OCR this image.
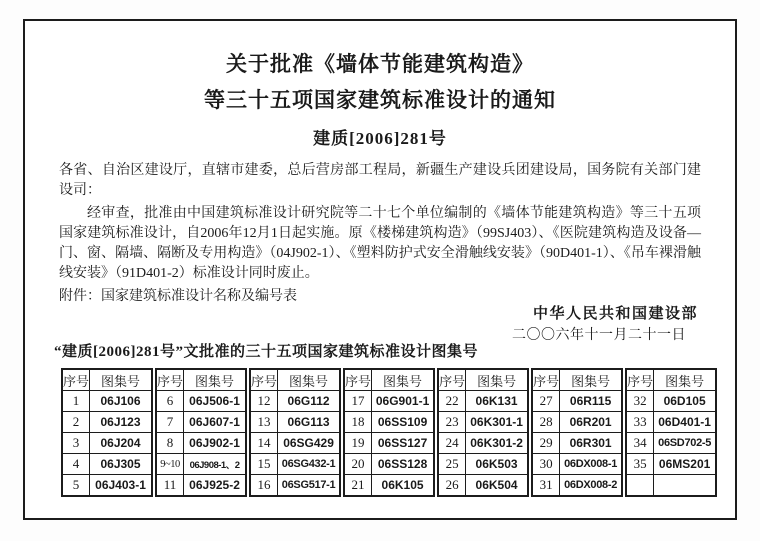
关于批准《墙体节能建筑构造》
等三十五项国家建筑标准设计的通知
建质[2006]281号

各省、自治区建设厅，直辖市建委，总后营房部工程局，新疆生产建设兵团建设局，国务院有关部门建设司：

经审查，批准由中国建筑标准设计研究院等二十七个单位编制的《墙体节能建筑构造》等三十五项国家建筑标准设计，自2006年12月1日起实施。原《楼梯建筑构造》（99SJ403）、《医院建筑构造及设备—门、窗、隔墙、隔断及专用构造》（04J902-1）、《塑料防护式安全滑触线安装》（90D401-1）、《吊车裸滑触线安装》（91D401-2）标准设计同时废止。

附件：国家建筑标准设计名称及编号表

中华人民共和国建设部
二〇〇六年十一月二十一日
“建质[2006]281号”文批准的三十五项国家建筑标准设计图集号
序号	图集号
1	06J106
2	06J123
3	06J204
4	06J305
5	06J403-1
序号	图集号
6	06J506-1
7	06J607-1
8	06J902-1
9~10	06J908-1、2
11	06J925-2
序号	图集号
12	06G112
13	06G113
14	06SG429
15	06SG432-1
16	06SG517-1
序号	图集号
17	06G901-1
18	06SS109
19	06SS127
20	06SS128
21	06K105
序号	图集号
22	06K131
23	06K301-1
24	06K301-2
25	06K503
26	06K504
序号	图集号
27	06R115
28	06R201
29	06R301
30	06DX008-1
31	06DX008-2
序号	图集号
32	06D105
33	06D401-1
34	06SD702-5
35	06MS201
